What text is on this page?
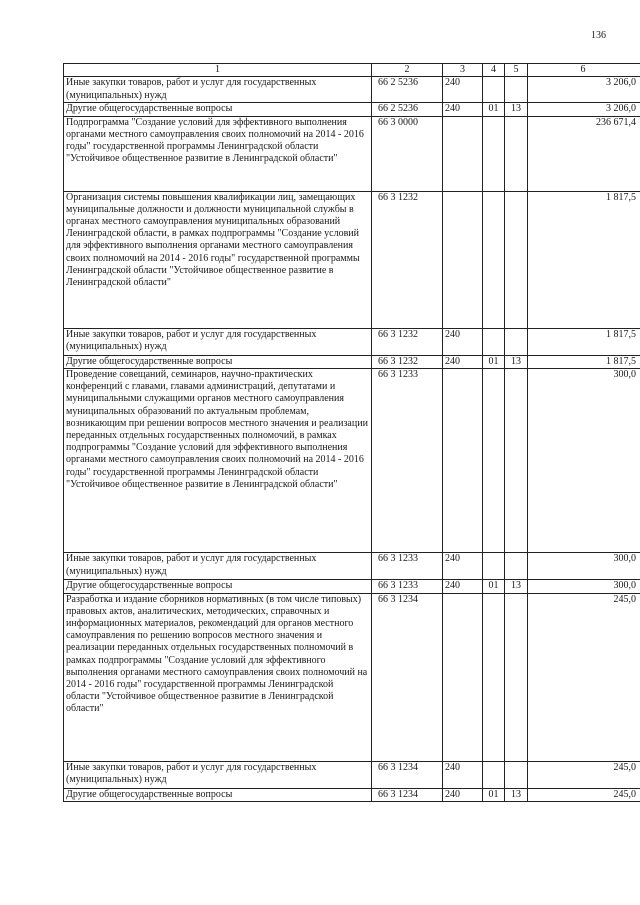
136
1	2	3	4	5	6
Иные закупки товаров, работ и услуг для государственных (муниципальных) нужд	66 2 5236	240			3 206,0
Другие общегосударственные вопросы	66 2 5236	240	01	13	3 206,0
Подпрограмма "Создание условий для эффективного выполнения органами местного самоуправления своих полномочий на 2014 - 2016 годы" государственной программы Ленинградской области "Устойчивое общественное развитие в Ленинградской области"	66 3 0000				236 671,4
Организация системы повышения квалификации лиц, замещающих муниципальные должности и должности муниципальной службы в органах местного самоуправления муниципальных образований Ленинградской области, в рамках подпрограммы "Создание условий для эффективного выполнения органами местного самоуправления своих полномочий на 2014 - 2016 годы" государственной программы Ленинградской области "Устойчивое общественное развитие в Ленинградской области"	66 3 1232				1 817,5
Иные закупки товаров, работ и услуг для государственных (муниципальных) нужд	66 3 1232	240			1 817,5
Другие общегосударственные вопросы	66 3 1232	240	01	13	1 817,5
Проведение совещаний, семинаров, научно-практических конференций с главами, главами администраций, депутатами и муниципальными служащими органов местного самоуправления муниципальных образований по актуальным проблемам, возникающим при решении вопросов местного значения и реализации переданных отдельных государственных полномочий, в рамках подпрограммы "Создание условий для эффективного выполнения органами местного самоуправления своих полномочий на 2014 - 2016 годы" государственной программы Ленинградской области "Устойчивое общественное развитие в Ленинградской области"	66 3 1233				300,0
Иные закупки товаров, работ и услуг для государственных (муниципальных) нужд	66 3 1233	240			300,0
Другие общегосударственные вопросы	66 3 1233	240	01	13	300,0
Разработка и издание сборников нормативных (в том числе типовых) правовых актов, аналитических, методических, справочных и информационных материалов, рекомендаций для органов местного самоуправления по решению вопросов местного значения и реализации переданных отдельных государственных полномочий в рамках подпрограммы "Создание условий для эффективного выполнения органами местного самоуправления своих полномочий на 2014 - 2016 годы" государственной программы Ленинградской области "Устойчивое общественное развитие в Ленинградской области"	66 3 1234				245,0
Иные закупки товаров, работ и услуг для государственных (муниципальных) нужд	66 3 1234	240			245,0
Другие общегосударственные вопросы	66 3 1234	240	01	13	245,0
